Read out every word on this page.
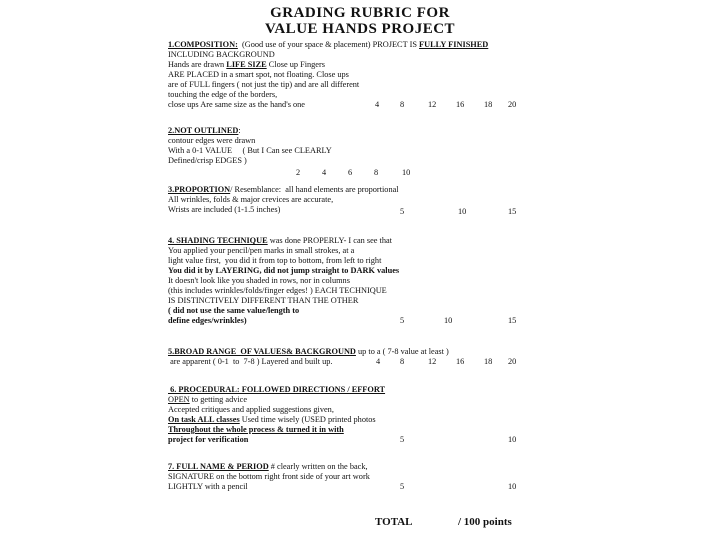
GRADING RUBRIC FOR
VALUE HANDS PROJECT
1.COMPOSITION:  (Good use of your space & placement) PROJECT IS FULLY FINISHED
INCLUDING BACKGROUND
Hands are drawn LIFE SIZE Close up Fingers
ARE PLACED in a smart spot, not floating. Close ups
are of FULL fingers ( not just the tip) and are all different
touching the edge of the borders,
close ups Are same size as the hand's one	4	8	12 16 18 20
2.NOT OUTLINED:
contour edges were drawn
With a 0-1 VALUE     ( But I Can see CLEARLY
Defined/crisp EDGES )
2	4	6	8	10
3.PROPORTION/ Resemblance:  all hand elements are proportional
All wrinkles, folds & major crevices are accurate,
Wrists are included (1-1.5 inches)	5	10	15
4. SHADING TECHNIQUE was done PROPERLY- I can see that
You applied your pencil/pen marks in small strokes, at a
light value first,  you did it from top to bottom, from left to right
You did it by LAYERING, did not jump straight to DARK values
It doesn't look like you shaded in rows, nor in columns
(this includes wrinkles/folds/finger edges! ) EACH TECHNIQUE
IS DISTINCTIVELY DIFFERENT THAN THE OTHER
( did not use the same value/length to
define edges/wrinkles)	5	10	15
5.BROAD RANGE  OF VALUES& BACKGROUND up to a ( 7-8 value at least )
are apparent ( 0-1  to  7-8 ) Layered and built up.	4 8	12 16 18 20
6. PROCEDURAL: FOLLOWED DIRECTIONS / EFFORT
OPEN to getting advice
Accepted critiques and applied suggestions given,
On task ALL classes Used time wisely (USED printed photos
Throughout the whole process & turned it in with
project for verification	5	10
7. FULL NAME & PERIOD # clearly written on the back,
SIGNATURE on the bottom right front side of your art work
LIGHTLY with a pencil	5	10
TOTAL	/ 100 points
